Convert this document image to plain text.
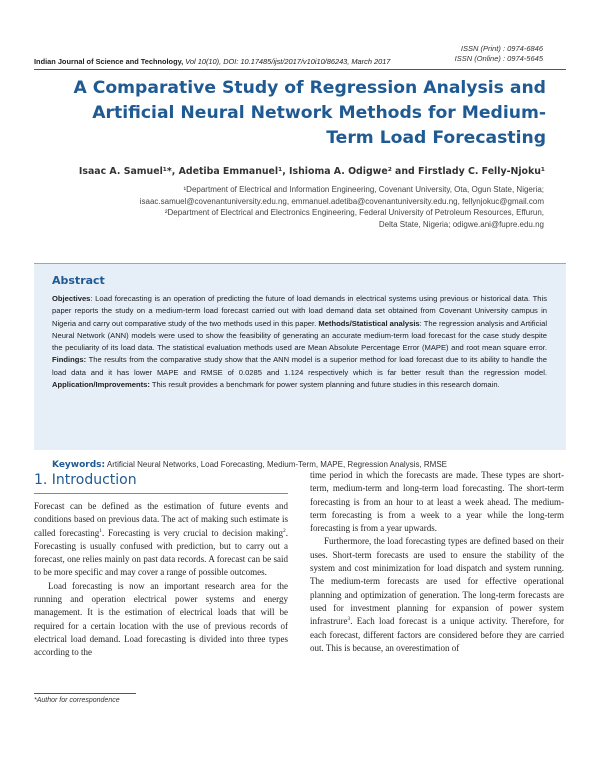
ISSN (Print) : 0974-6846
ISSN (Online) : 0974-5645
Indian Journal of Science and Technology, Vol 10(10), DOI: 10.17485/ijst/2017/v10i10/86243, March 2017
A Comparative Study of Regression Analysis and Artificial Neural Network Methods for Medium-Term Load Forecasting
Isaac A. Samuel¹*, Adetiba Emmanuel¹, Ishioma A. Odigwe² and Firstlady C. Felly-Njoku¹
¹Department of Electrical and Information Engineering, Covenant University, Ota, Ogun State, Nigeria;
isaac.samuel@covenantuniversity.edu.ng, emmanuel.adetiba@covenantuniversity.edu.ng, fellynjokuc@gmail.com
²Department of Electrical and Electronics Engineering, Federal University of Petroleum Resources, Effurun,
Delta State, Nigeria; odigwe.ani@fupre.edu.ng
Abstract
Objectives: Load forecasting is an operation of predicting the future of load demands in electrical systems using previous or historical data. This paper reports the study on a medium-term load forecast carried out with load demand data set obtained from Covenant University campus in Nigeria and carry out comparative study of the two methods used in this paper. Methods/Statistical analysis: The regression analysis and Artificial Neural Network (ANN) models were used to show the feasibility of generating an accurate medium-term load forecast for the case study despite the peculiarity of its load data. The statistical evaluation methods used are Mean Absolute Percentage Error (MAPE) and root mean square error. Findings: The results from the comparative study show that the ANN model is a superior method for load forecast due to its ability to handle the load data and it has lower MAPE and RMSE of 0.0285 and 1.124 respectively which is far better result than the regression model. Application/Improvements: This result provides a benchmark for power system planning and future studies in this research domain.
Keywords: Artificial Neural Networks, Load Forecasting, Medium-Term, MAPE, Regression Analysis, RMSE
1. Introduction

Forecast can be defined as the estimation of future events and conditions based on previous data. The act of making such estimate is called forecasting$^1$. Forecasting is very crucial to decision making$^2$. Forecasting is usually confused with prediction, but to carry out a forecast, one relies mainly on past data records. A forecast can be said to be more specific and may cover a range of possible outcomes.

Load forecasting is now an important research area for the running and operation electrical power systems and energy management. It is the estimation of electrical loads that will be required for a certain location with the use of previous records of electrical load demand. Load forecasting is divided into three types according to the

time period in which the forecasts are made. These types are short-term, medium-term and long-term load forecasting. The short-term forecasting is from an hour to at least a week ahead. The medium-term forecasting is from a week to a year while the long-term forecasting is from a year upwards.

Furthermore, the load forecasting types are defined based on their uses. Short-term forecasts are used to ensure the stability of the system and cost minimization for load dispatch and system running. The medium-term forecasts are used for effective operational planning and optimization of generation. The long-term forecasts are used for investment planning for expansion of power system infrastrure$^3$. Each load forecast is a unique activity. Therefore, for each forecast, different factors are considered before they are carried out. This is because, an overestimation of

*Author for correspondence
